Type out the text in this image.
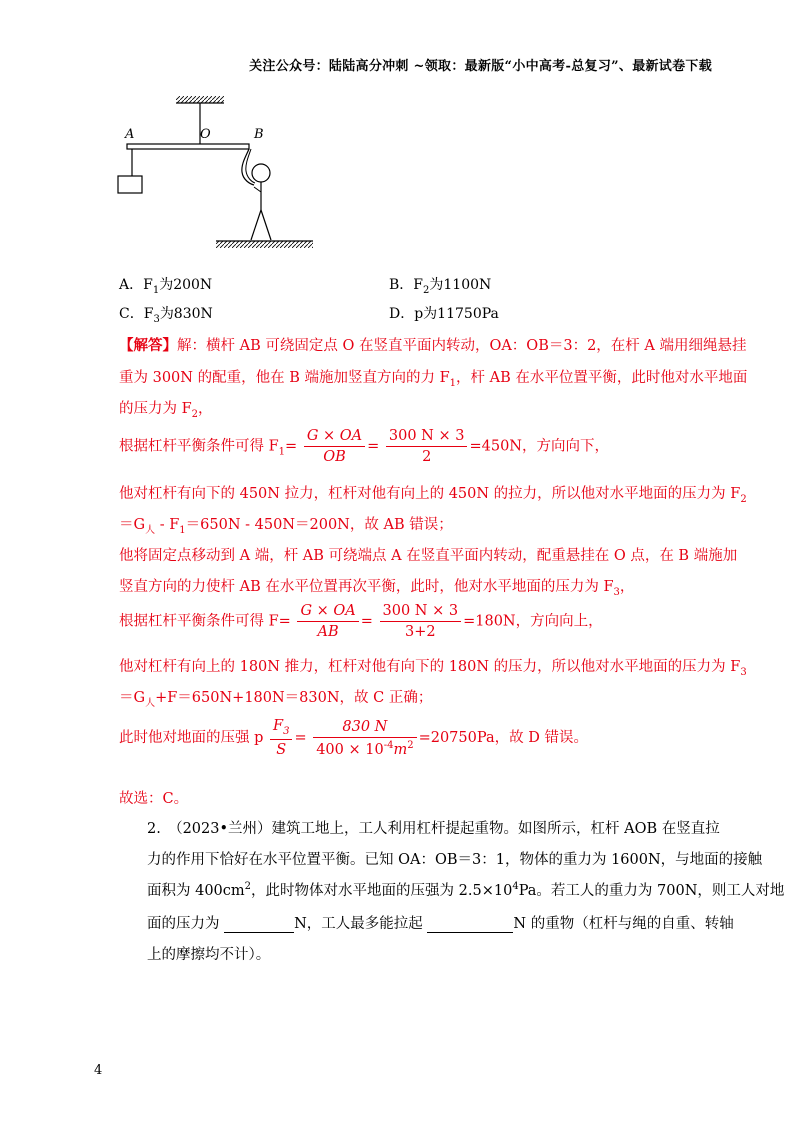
关注公众号：陆陆高分冲刺 ~领取：最新版“小中高考-总复习”、最新试卷下载
A	O	B
A．$F_1$为200N	B．$F_2$为1100N
C．$F_3$为830N	D．p为11750Pa
【解答】解：横杆 AB 可绕固定点 O 在竖直平面内转动，OA：OB＝3：2，在杆 A 端用细绳悬挂
重为 300N 的配重，他在 B 端施加竖直方向的力 $F_1$，杆 AB 在水平位置平衡，此时他对水平地面
的压力为 $F_2$，
根据杠杆平衡条件可得 $F_1= \frac{G \times OA}{OB} = \frac{300 N \times 3}{2} =450N$，方向向下，
他对杠杆有向下的 450N 拉力，杠杆对他有向上的 450N 的拉力，所以他对水平地面的压力为 $F_2$
$=G_人 - F_1=650N - 450N=200N$，故 AB 错误；
他将固定点移动到 A 端，杆 AB 可绕端点 A 在竖直平面内转动，配重悬挂在 O 点，在 B 端施加
竖直方向的力使杆 AB 在水平位置再次平衡，此时，他对水平地面的压力为 $F_3$，
根据杠杆平衡条件可得 $F= \frac{G \times OA}{AB} = \frac{300 N \times 3}{3+2} =180N$，方向向上，
他对杠杆有向上的 180N 推力，杠杆对他有向下的 180N 的压力，所以他对水平地面的压力为 $F_3$
$=G_人+F=650N+180N=830N$，故 C 正确；
此时他对地面的压强 p $\frac{F_3}{S} = \frac{830 N}{400 \times 10^{-4}m^2} =20750Pa$，故 D 错误。
故选：C。
2.　（2023•兰州）建筑工地上，工人利用杠杆提起重物。如图所示，杠杆 AOB 在竖直拉
力的作用下恰好在水平位置平衡。已知 OA：OB＝3：1，物体的重力为 1600N，与地面的接触
面积为 $400cm^2$，此时物体对水平地面的压强为 $2.5\times 10^4Pa$。若工人的重力为 700N，则工人对地
面的压力为	N，工人最多能拉起	N 的重物（杠杆与绳的自重、转轴
上的摩擦均不计）。
4
